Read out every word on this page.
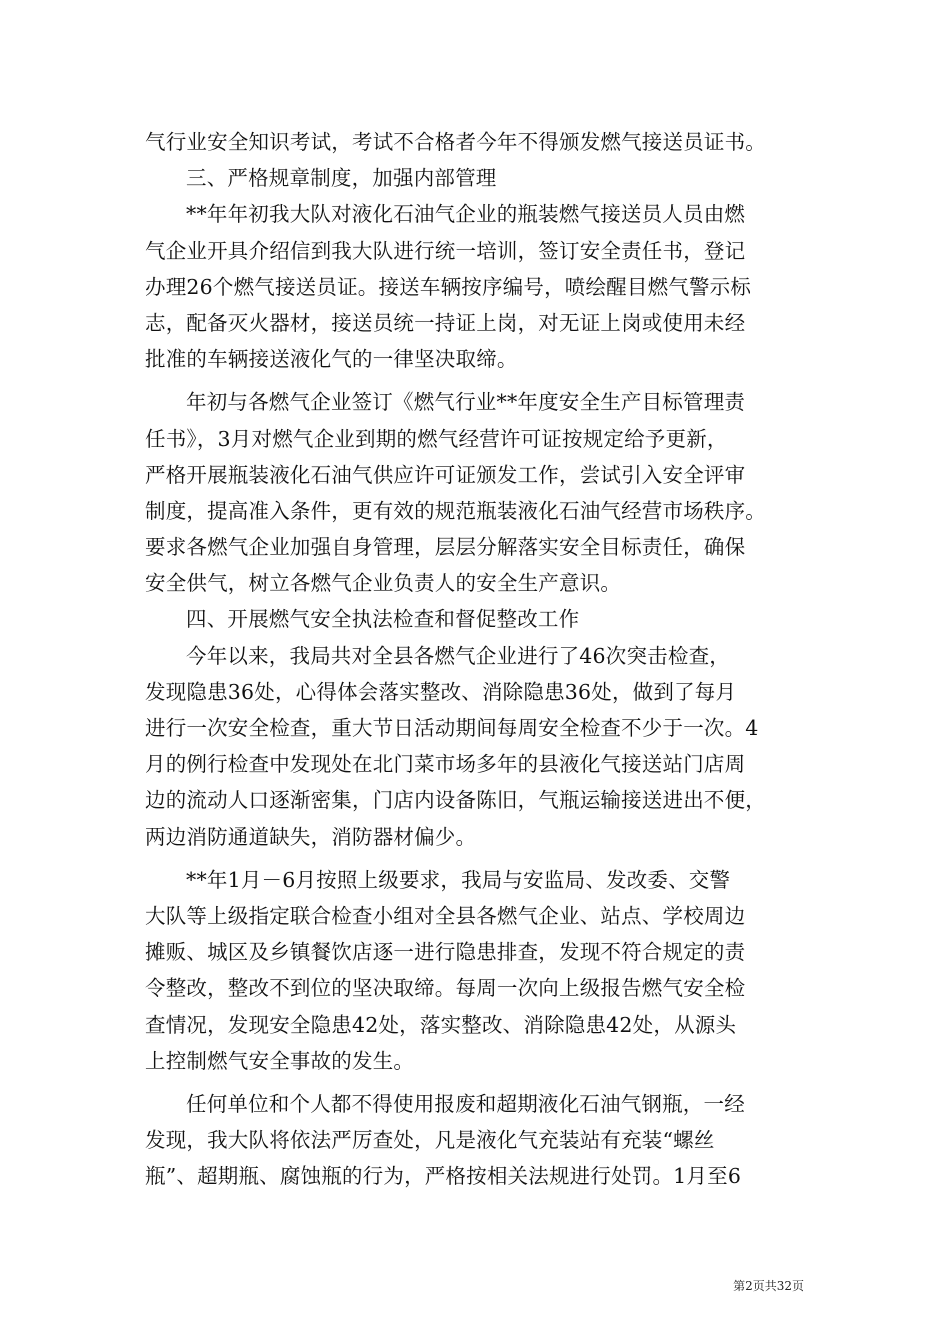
气行业安全知识考试，考试不合格者今年不得颁发燃气接送员证书。
三、严格规章制度，加强内部管理
**年年初我大队对液化石油气企业的瓶装燃气接送员人员由燃
气企业开具介绍信到我大队进行统一培训，签订安全责任书，登记
办理26个燃气接送员证。接送车辆按序编号，喷绘醒目燃气警示标
志，配备灭火器材，接送员统一持证上岗，对无证上岗或使用未经
批准的车辆接送液化气的一律坚决取缔。
年初与各燃气企业签订《燃气行业**年度安全生产目标管理责
任书》，3月对燃气企业到期的燃气经营许可证按规定给予更新，
严格开展瓶装液化石油气供应许可证颁发工作，尝试引入安全评审
制度，提高准入条件，更有效的规范瓶装液化石油气经营市场秩序。
要求各燃气企业加强自身管理，层层分解落实安全目标责任，确保
安全供气，树立各燃气企业负责人的安全生产意识。
四、开展燃气安全执法检查和督促整改工作
今年以来，我局共对全县各燃气企业进行了46次突击检查，
发现隐患36处，心得体会落实整改、消除隐患36处，做到了每月
进行一次安全检查，重大节日活动期间每周安全检查不少于一次。4
月的例行检查中发现处在北门菜市场多年的县液化气接送站门店周
边的流动人口逐渐密集，门店内设备陈旧，气瓶运输接送进出不便，
两边消防通道缺失，消防器材偏少。
**年1月－6月按照上级要求，我局与安监局、发改委、交警
大队等上级指定联合检查小组对全县各燃气企业、站点、学校周边
摊贩、城区及乡镇餐饮店逐一进行隐患排查，发现不符合规定的责
令整改，整改不到位的坚决取缔。每周一次向上级报告燃气安全检
查情况，发现安全隐患42处，落实整改、消除隐患42处，从源头
上控制燃气安全事故的发生。
任何单位和个人都不得使用报废和超期液化石油气钢瓶，一经
发现，我大队将依法严厉查处，凡是液化气充装站有充装“螺丝
瓶”、超期瓶、腐蚀瓶的行为，严格按相关法规进行处罚。1月至6
第2页共32页
